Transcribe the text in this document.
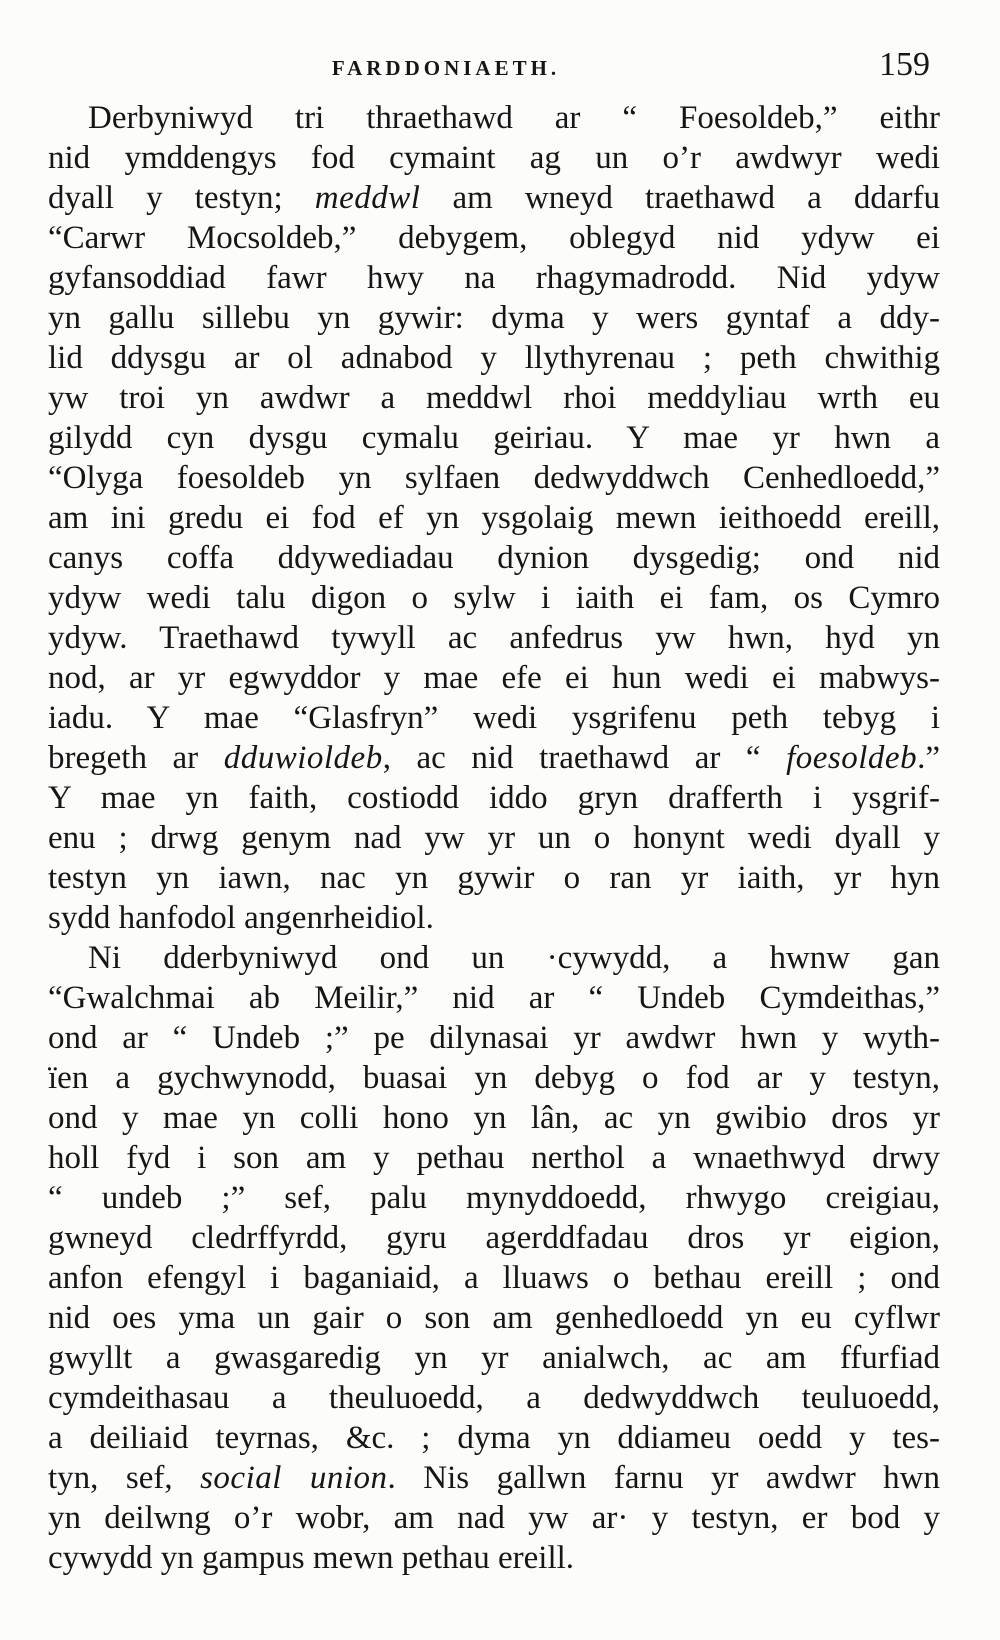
FARDDONIAETH.	159
Derbyniwyd tri thraethawd ar “ Foesoldeb,” eithr
nid ymddengys fod cymaint ag un o’r awdwyr wedi
dyall y testyn; meddwl am wneyd traethawd a ddarfu
“Carwr Mocsoldeb,” debygem, oblegyd nid ydyw ei
gyfansoddiad fawr hwy na rhagymadrodd. Nid ydyw
yn gallu sillebu yn gywir: dyma y wers gyntaf a ddy-
lid ddysgu ar ol adnabod y llythyrenau ; peth chwithig
yw troi yn awdwr a meddwl rhoi meddyliau wrth eu
gilydd cyn dysgu cymalu geiriau. Y mae yr hwn a
“Olyga foesoldeb yn sylfaen dedwyddwch Cenhedloedd,”
am ini gredu ei fod ef yn ysgolaig mewn ieithoedd ereill,
canys coffa ddywediadau dynion dysgedig; ond nid
ydyw wedi talu digon o sylw i iaith ei fam, os Cymro
ydyw. Traethawd tywyll ac anfedrus yw hwn, hyd yn
nod, ar yr egwyddor y mae efe ei hun wedi ei mabwys-
iadu. Y mae “Glasfryn” wedi ysgrifenu peth tebyg i
bregeth ar dduwioldeb, ac nid traethawd ar “ foesoldeb.”
Y mae yn faith, costiodd iddo gryn drafferth i ysgrif-
enu ; drwg genym nad yw yr un o honynt wedi dyall y
testyn yn iawn, nac yn gywir o ran yr iaith, yr hyn
sydd hanfodol angenrheidiol.
Ni dderbyniwyd ond un ·cywydd, a hwnw gan
“Gwalchmai ab Meilir,” nid ar “ Undeb Cymdeithas,”
ond ar “ Undeb ;” pe dilynasai yr awdwr hwn y wyth-
ïen a gychwynodd, buasai yn debyg o fod ar y testyn,
ond y mae yn colli hono yn lân, ac yn gwibio dros yr
holl fyd i son am y pethau nerthol a wnaethwyd drwy
“ undeb ;” sef, palu mynyddoedd, rhwygo creigiau,
gwneyd cledrffyrdd, gyru agerddfadau dros yr eigion,
anfon efengyl i baganiaid, a lluaws o bethau ereill ; ond
nid oes yma un gair o son am genhedloedd yn eu cyflwr
gwyllt a gwasgaredig yn yr anialwch, ac am ffurfiad
cymdeithasau a theuluoedd, a dedwyddwch teuluoedd,
a deiliaid teyrnas, &c. ; dyma yn ddiameu oedd y tes-
tyn, sef, social union. Nis gallwn farnu yr awdwr hwn
yn deilwng o’r wobr, am nad yw ar· y testyn, er bod y
cywydd yn gampus mewn pethau ereill.
